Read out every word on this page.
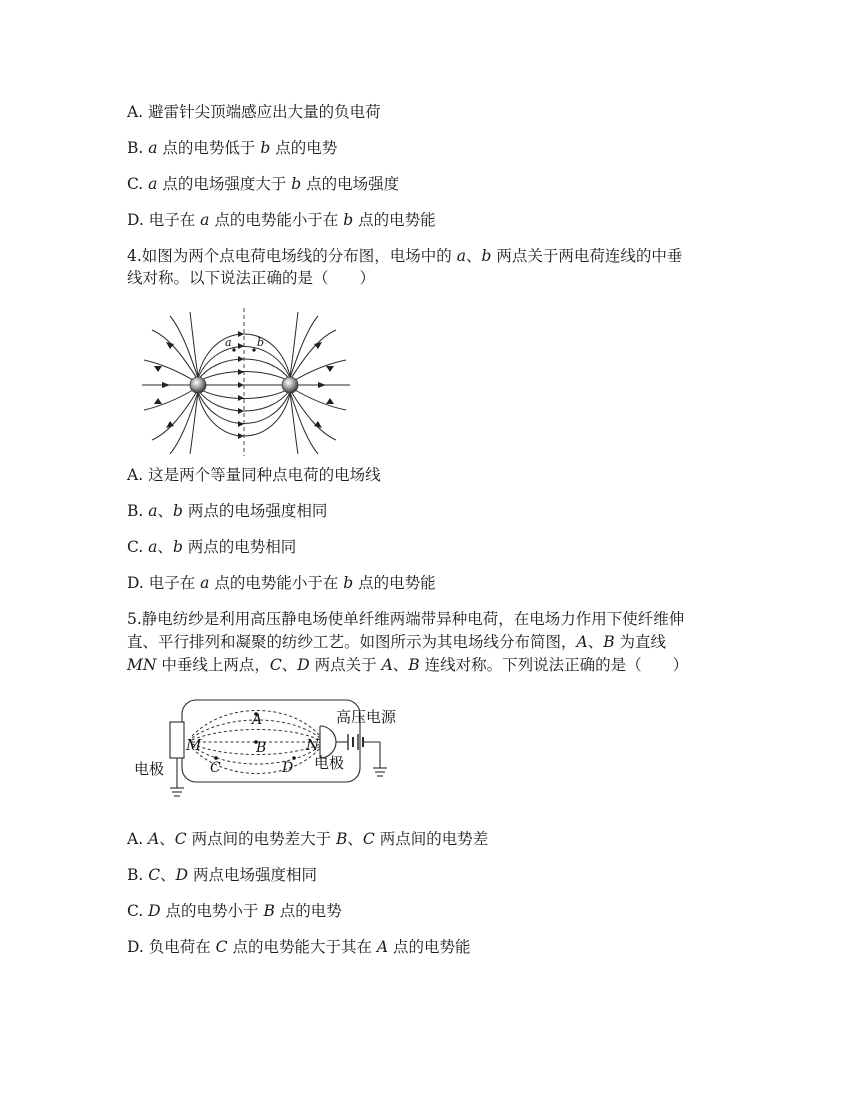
A. 避雷针尖顶端感应出大量的负电荷
B. a 点的电势低于 b 点的电势
C. a 点的电场强度大于 b 点的电场强度
D. 电子在 a 点的电势能小于在 b 点的电势能
4.如图为两个点电荷电场线的分布图，电场中的 a、b 两点关于两电荷连线的中垂
线对称。以下说法正确的是（　　）
a b
A. 这是两个等量同种点电荷的电场线
B. a、b 两点的电场强度相同
C. a、b 两点的电势相同
D. 电子在 a 点的电势能小于在 b 点的电势能
5.静电纺纱是利用高压静电场使单纤维两端带异种电荷，在电场力作用下使纤维伸
直、平行排列和凝聚的纺纱工艺。如图所示为其电场线分布简图，A、B 为直线
MN 中垂线上两点，C、D 两点关于 A、B 连线对称。下列说法正确的是（　　）
M	N
A
B
C	D
电极	电极
高压电源
A. A、C 两点间的电势差大于 B、C 两点间的电势差
B. C、D 两点电场强度相同
C. D 点的电势小于 B 点的电势
D. 负电荷在 C 点的电势能大于其在 A 点的电势能
